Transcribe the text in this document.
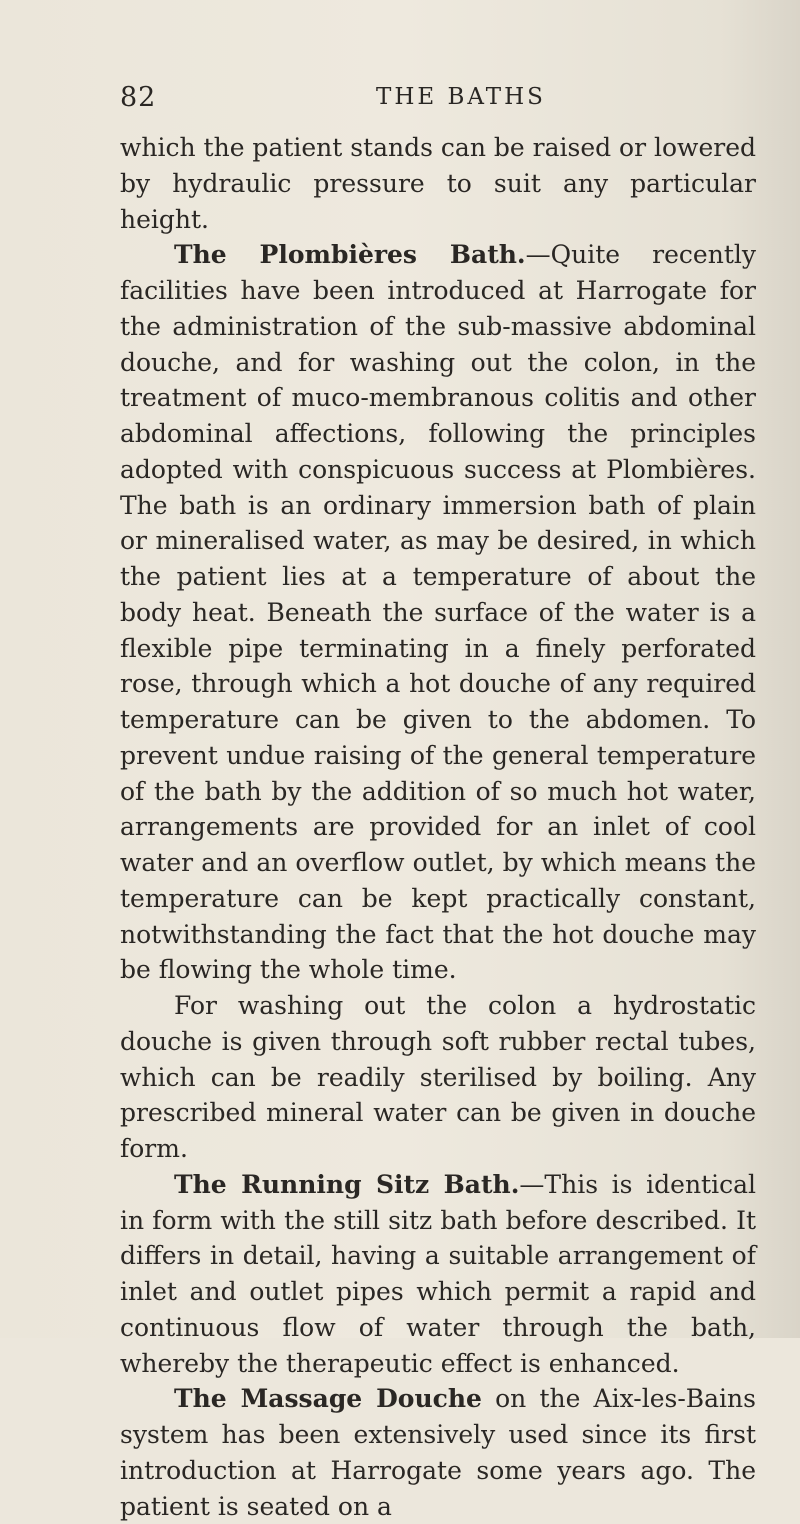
82	THE BATHS

which the patient stands can be raised or lowered by hydraulic pressure to suit any particular height.

The Plombières Bath.—Quite recently facilities have been introduced at Harrogate for the administration of the sub-massive abdominal douche, and for washing out the colon, in the treatment of muco-membranous colitis and other abdominal affections, following the principles adopted with conspicuous success at Plombières. The bath is an ordinary immersion bath of plain or mineralised water, as may be desired, in which the patient lies at a temperature of about the body heat. Beneath the surface of the water is a flexible pipe terminating in a finely perforated rose, through which a hot douche of any required temperature can be given to the abdomen. To prevent undue raising of the general temperature of the bath by the addition of so much hot water, arrangements are provided for an inlet of cool water and an overflow outlet, by which means the temperature can be kept practically constant, notwithstanding the fact that the hot douche may be flowing the whole time.

For washing out the colon a hydrostatic douche is given through soft rubber rectal tubes, which can be readily sterilised by boiling. Any prescribed mineral water can be given in douche form.

The Running Sitz Bath.—This is identical in form with the still sitz bath before described. It differs in detail, having a suitable arrangement of inlet and outlet pipes which permit a rapid and continuous flow of water through the bath, whereby the therapeutic effect is enhanced.

The Massage Douche on the Aix-les-Bains system has been extensively used since its first introduction at Harrogate some years ago. The patient is seated on a
